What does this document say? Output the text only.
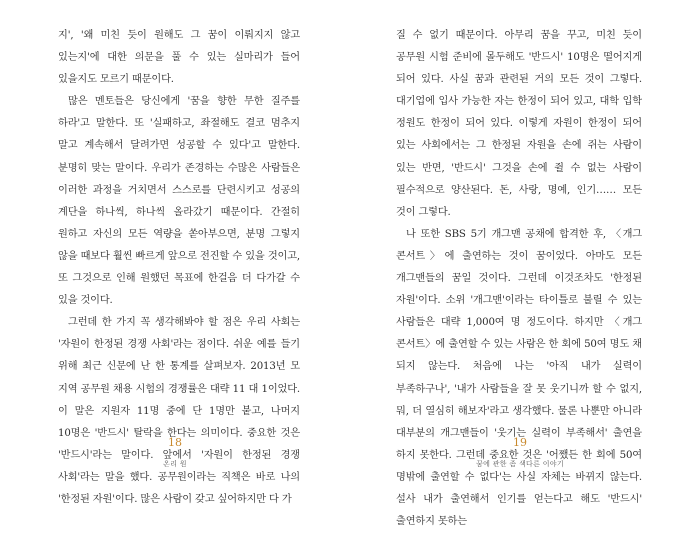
지', '왜 미친 듯이 원해도 그 꿈이 이뤄지지 않고 있는지'에 대한 의문을 풀 수 있는 실마리가 들어 있을지도 모르기 때문이다.

많은 멘토들은 당신에게 '꿈을 향한 무한 질주를 하라'고 말한다. 또 '실패하고, 좌절해도 결코 멈추지 말고 계속해서 달려가면 성공할 수 있다'고 말한다. 분명히 맞는 말이다. 우리가 존경하는 수많은 사람들은 이러한 과정을 거치면서 스스로를 단련시키고 성공의 계단을 하나씩, 하나씩 올라갔기 때문이다. 간절히 원하고 자신의 모든 역량을 쏟아부으면, 분명 그렇지 않을 때보다 훨씬 빠르게 앞으로 전진할 수 있을 것이고, 또 그것으로 인해 원했던 목표에 한걸음 더 다가갈 수 있을 것이다.

그런데 한 가지 꼭 생각해봐야 할 점은 우리 사회는 '자원이 한정된 경쟁 사회'라는 점이다. 쉬운 예를 들기 위해 최근 신문에 난 한 통계를 살펴보자. 2013년 모 지역 공무원 채용 시험의 경쟁률은 대략 11 대 1이었다. 이 말은 지원자 11명 중에 단 1명만 붙고, 나머지 10명은 '반드시' 탈락을 한다는 의미이다. 중요한 것은 '반드시'라는 말이다. 앞에서 '자원이 한정된 경쟁 사회'라는 말을 했다. 공무원이라는 직책은 바로 나의 '한정된 자원'이다. 많은 사람이 갖고 싶어하지만 다 가

18
온리 원

질 수 없기 때문이다. 아무리 꿈을 꾸고, 미친 듯이 공무원 시험 준비에 몰두해도 '반드시' 10명은 떨어지게 되어 있다. 사실 꿈과 관련된 거의 모든 것이 그렇다. 대기업에 입사 가능한 자는 한정이 되어 있고, 대학 입학 정원도 한정이 되어 있다. 이렇게 자원이 한정이 되어 있는 사회에서는 그 한정된 자원을 손에 쥐는 사람이 있는 반면, '반드시' 그것을 손에 쥘 수 없는 사람이 필수적으로 양산된다. 돈, 사랑, 명예, 인기…… 모든 것이 그렇다.

나 또한 SBS 5기 개그맨 공채에 합격한 후, 〈개그 콘서트〉에 출연하는 것이 꿈이었다. 아마도 모든 개그맨들의 꿈일 것이다. 그런데 이것조차도 '한정된 자원'이다. 소위 '개그맨'이라는 타이틀로 불릴 수 있는 사람들은 대략 1,000여 명 정도이다. 하지만 〈개그 콘서트〉에 출연할 수 있는 사람은 한 회에 50여 명도 채 되지 않는다. 처음에 나는 '아직 내가 실력이 부족하구나', '내가 사람들을 잘 못 웃기니까 할 수 없지, 뭐, 더 열심히 해보자'라고 생각했다. 물론 나뿐만 아니라 대부분의 개그맨들이 '웃기는 실력이 부족해서' 출연을 하지 못한다. 그런데 중요한 것은 '어쨌든 한 회에 50여 명밖에 출연할 수 없다'는 사실 자체는 바뀌지 않는다. 설사 내가 출연해서 인기를 얻는다고 해도 '반드시' 출연하지 못하는

19
꿈에 관한 좀 색다른 이야기
